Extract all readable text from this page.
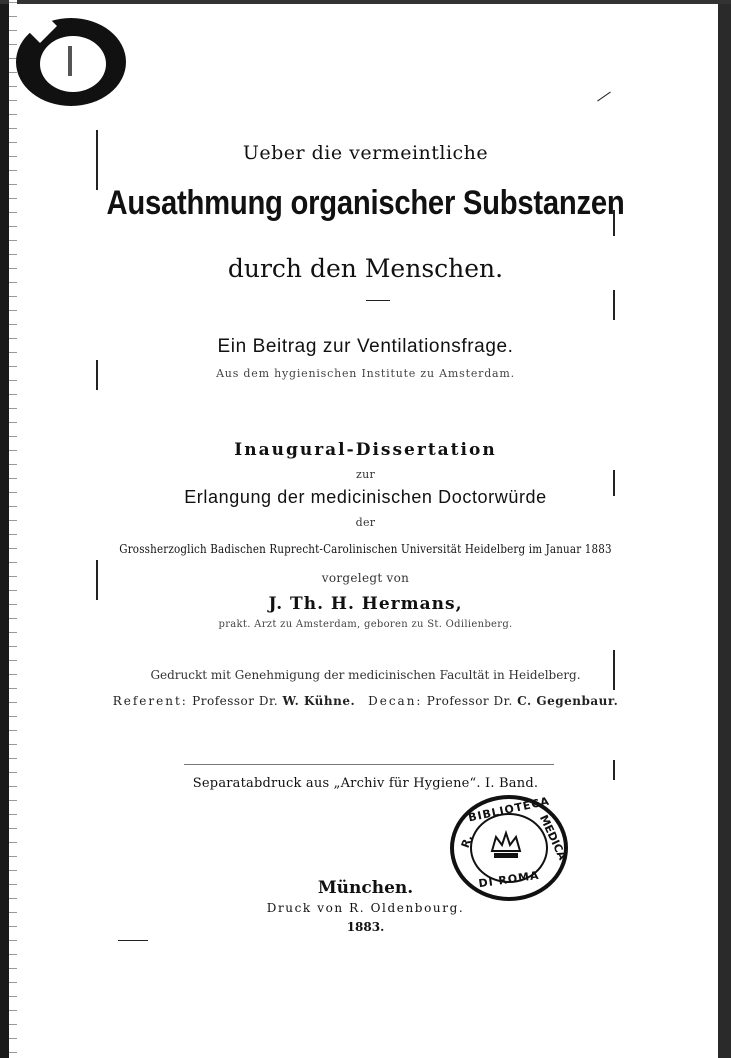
Ueber die vermeintliche
Ausathmung organischer Substanzen
durch den Menschen.
Ein Beitrag zur Ventilationsfrage.
Aus dem hygienischen Institute zu Amsterdam.
Inaugural-Dissertation
zur
Erlangung der medicinischen Doctorwürde
der
Grossherzoglich Badischen Ruprecht-Carolinischen Universität Heidelberg im Januar 1883
vorgelegt von
J. Th. H. Hermans,
prakt. Arzt zu Amsterdam, geboren zu St. Odilienberg.
Gedruckt mit Genehmigung der medicinischen Facultät in Heidelberg.
Referent: Professor Dr. W. Kühne. Decan: Professor Dr. C. Gegenbaur.
Separatabdruck aus „Archiv für Hygiene“. I. Band.
BIBLIOTECA
R.	MEDICA
DI ROMA
München.
Druck von R. Oldenbourg.
1883.
